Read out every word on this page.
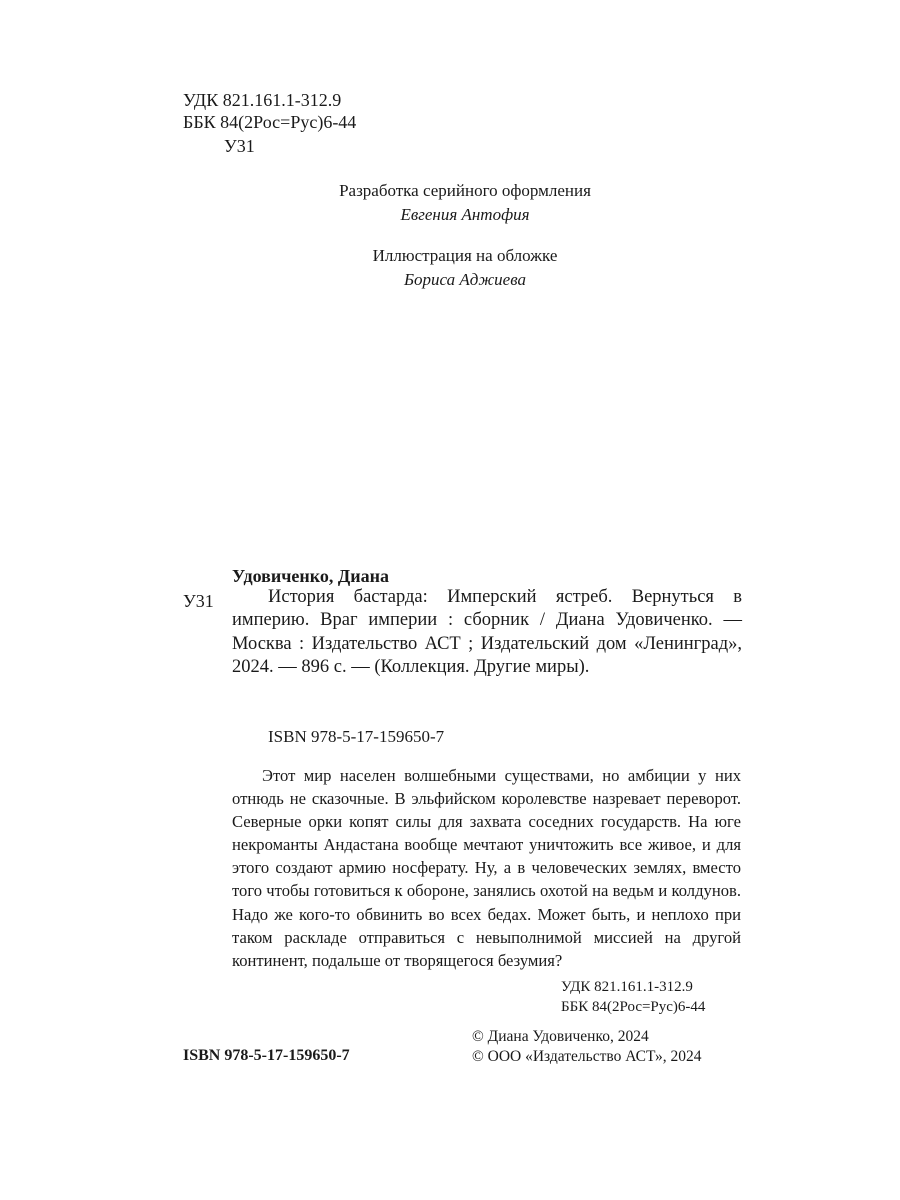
УДК 821.161.1-312.9
ББК 84(2Рос=Рус)6-44
У31
Разработка серийного оформления
Евгения Антофия
Иллюстрация на обложке
Бориса Аджиева
Удовиченко, Диана
У31	История бастарда: Имперский ястреб. Вернуться в империю. Враг империи : сборник / Диана Удовиченко. — Москва : Издательство АСТ ; Издательский дом «Ленинград», 2024. — 896 с. — (Коллекция. Другие миры).

ISBN 978-5-17-159650-7

Этот мир населен волшебными существами, но амбиции у них отнюдь не сказочные. В эльфийском королевстве назревает переворот. Северные орки копят силы для захвата соседних государств. На юге некроманты Андастана вообще мечтают уничтожить все живое, и для этого создают армию носферату. Ну, а в человеческих землях, вместо того чтобы готовиться к обороне, занялись охотой на ведьм и колдунов. Надо же кого-то обвинить во всех бедах. Может быть, и неплохо при таком раскладе отправиться с невыполнимой миссией на другой континент, подальше от творящегося безумия?

УДК 821.161.1-312.9
ББК 84(2Рос=Рус)6-44
© Диана Удовиченко, 2024
© ООО «Издательство АСТ», 2024
ISBN 978-5-17-159650-7
